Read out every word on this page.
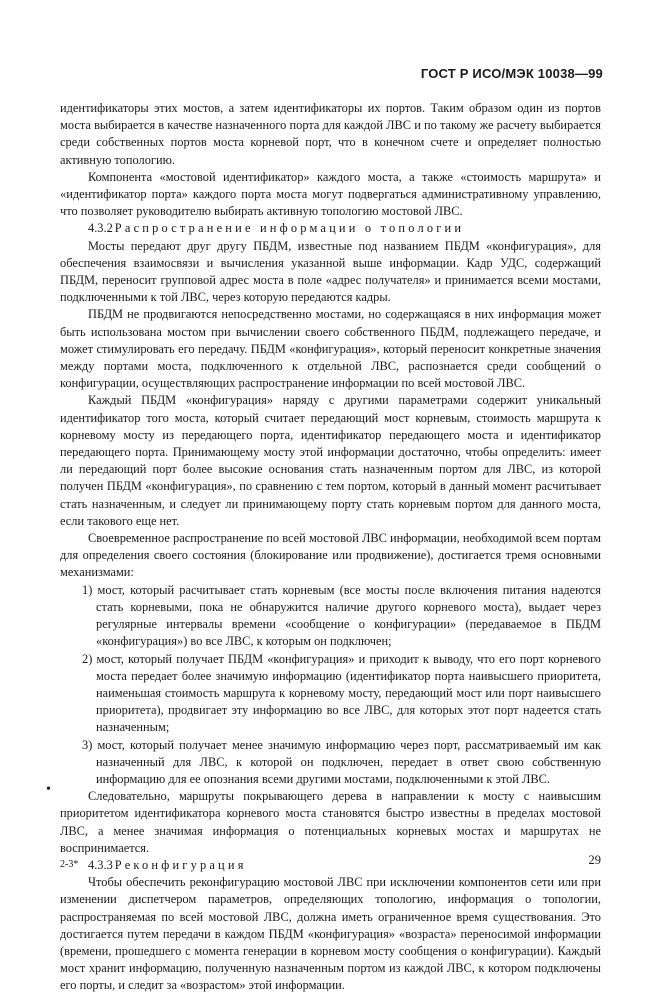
ГОСТ Р ИСО/МЭК 10038—99

идентификаторы этих мостов, а затем идентификаторы их портов. Таким образом один из портов моста выбирается в качестве назначенного порта для каждой ЛВС и по такому же расчету выбирается среди собственных портов моста корневой порт, что в конечном счете и определяет полностью активную топологию.

Компонента «мостовой идентификатор» каждого моста, а также «стоимость маршрута» и «идентификатор порта» каждого порта моста могут подвергаться административному управлению, что позволяет руководителю выбирать активную топологию мостовой ЛВС.

4.3.2 Распространение информации о топологии

Мосты передают друг другу ПБДМ, известные под названием ПБДМ «конфигурация», для обеспечения взаимосвязи и вычисления указанной выше информации. Кадр УДС, содержащий ПБДМ, переносит групповой адрес моста в поле «адрес получателя» и принимается всеми мостами, подключенными к той ЛВС, через которую передаются кадры.

ПБДМ не продвигаются непосредственно мостами, но содержащаяся в них информация может быть использована мостом при вычислении своего собственного ПБДМ, подлежащего передаче, и может стимулировать его передачу. ПБДМ «конфигурация», который переносит конкретные значения между портами моста, подключенного к отдельной ЛВС, распознается среди сообщений о конфигурации, осуществляющих распространение информации по всей мостовой ЛВС.

Каждый ПБДМ «конфигурация» наряду с другими параметрами содержит уникальный идентификатор того моста, который считает передающий мост корневым, стоимость маршрута к корневому мосту из передающего порта, идентификатор передающего моста и идентификатор передающего порта. Принимающему мосту этой информации достаточно, чтобы определить: имеет ли передающий порт более высокие основания стать назначенным портом для ЛВС, из которой получен ПБДМ «конфигурация», по сравнению с тем портом, который в данный момент расчитывает стать назначенным, и следует ли принимающему порту стать корневым портом для данного моста, если такового еще нет.

Своевременное распространение по всей мостовой ЛВС информации, необходимой всем портам для определения своего состояния (блокирование или продвижение), достигается тремя основными механизмами:

1) мост, который расчитывает стать корневым (все мосты после включения питания надеются стать корневыми, пока не обнаружится наличие другого корневого моста), выдает через регулярные интервалы времени «сообщение о конфигурации» (передаваемое в ПБДМ «конфигурация») во все ЛВС, к которым он подключен;

2) мост, который получает ПБДМ «конфигурация» и приходит к выводу, что его порт корневого моста передает более значимую информацию (идентификатор порта наивысшего приоритета, наименьшая стоимость маршрута к корневому мосту, передающий мост или порт наивысшего приоритета), продвигает эту информацию во все ЛВС, для которых этот порт надеется стать назначенным;

3) мост, который получает менее значимую информацию через порт, рассматриваемый им как назначенный для ЛВС, к которой он подключен, передает в ответ свою собственную информацию для ее опознания всеми другими мостами, подключенными к этой ЛВС.

Следовательно, маршруты покрывающего дерева в направлении к мосту с наивысшим приоритетом идентификатора корневого моста становятся быстро известны в пределах мостовой ЛВС, а менее значимая информация о потенциальных корневых мостах и маршрутах не воспринимается.

4.3.3 Реконфигурация

Чтобы обеспечить реконфигурацию мостовой ЛВС при исключении компонентов сети или при изменении диспетчером параметров, определяющих топологию, информация о топологии, распространяемая по всей мостовой ЛВС, должна иметь ограниченное время существования. Это достигается путем передачи в каждом ПБДМ «конфигурация» «возраста» переносимой информации (времени, прошедшего с момента генерации в корневом мосту сообщения о конфигурации). Каждый мост хранит информацию, полученную назначенным портом из каждой ЛВС, к котором подключены его порты, и следит за «возрастом» этой информации.

•
2-3*	29
